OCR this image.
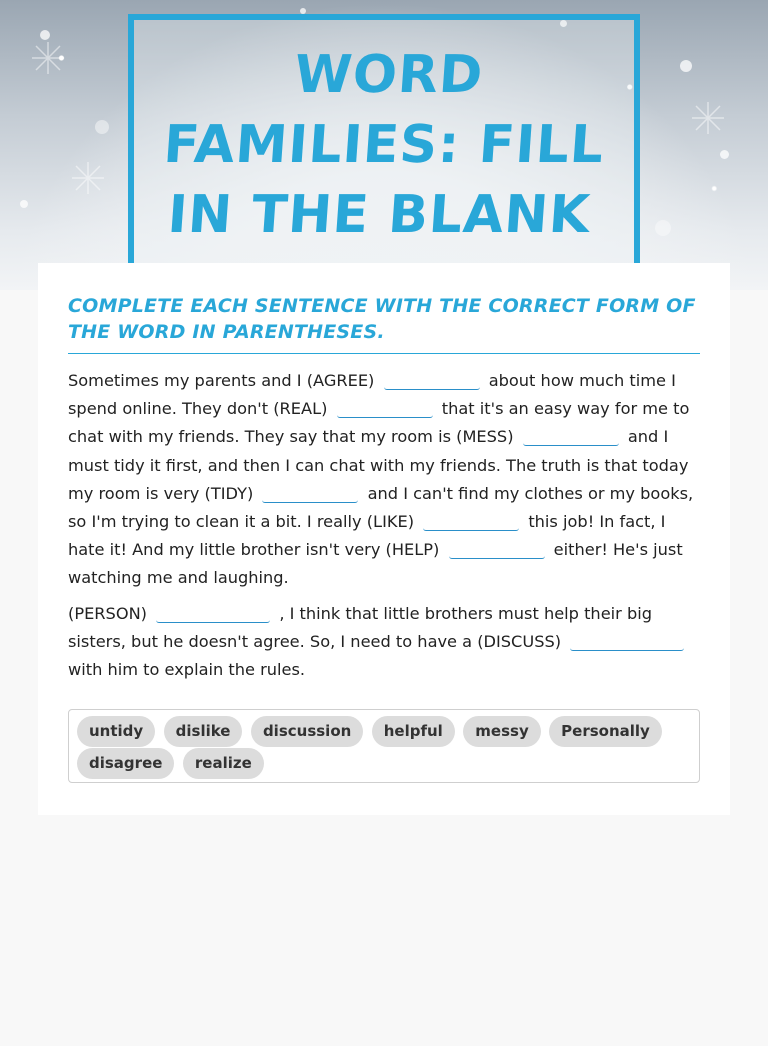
WORD FAMILIES: FILL IN THE BLANK
COMPLETE EACH SENTENCE WITH THE CORRECT FORM OF THE WORD IN PARENTHESES.

Sometimes my parents and I (AGREE)	about how much time I spend online. They don't (REAL)	that it's an easy way for me to chat with my friends. They say that my room is (MESS)	and I must tidy it first, and then I can chat with my friends. The truth is that today my room is very (TIDY)	and I can't find my clothes or my books, so I'm trying to clean it a bit. I really (LIKE)	this job! In fact, I hate it! And my little brother isn't very (HELP)	either! He's just watching me and laughing.

(PERSON)	, I think that little brothers must help their big sisters, but he doesn't agree. So, I need to have a (DISCUSS)  with him to explain the rules.

untidy dislike discussion helpful messy Personally disagree realize
